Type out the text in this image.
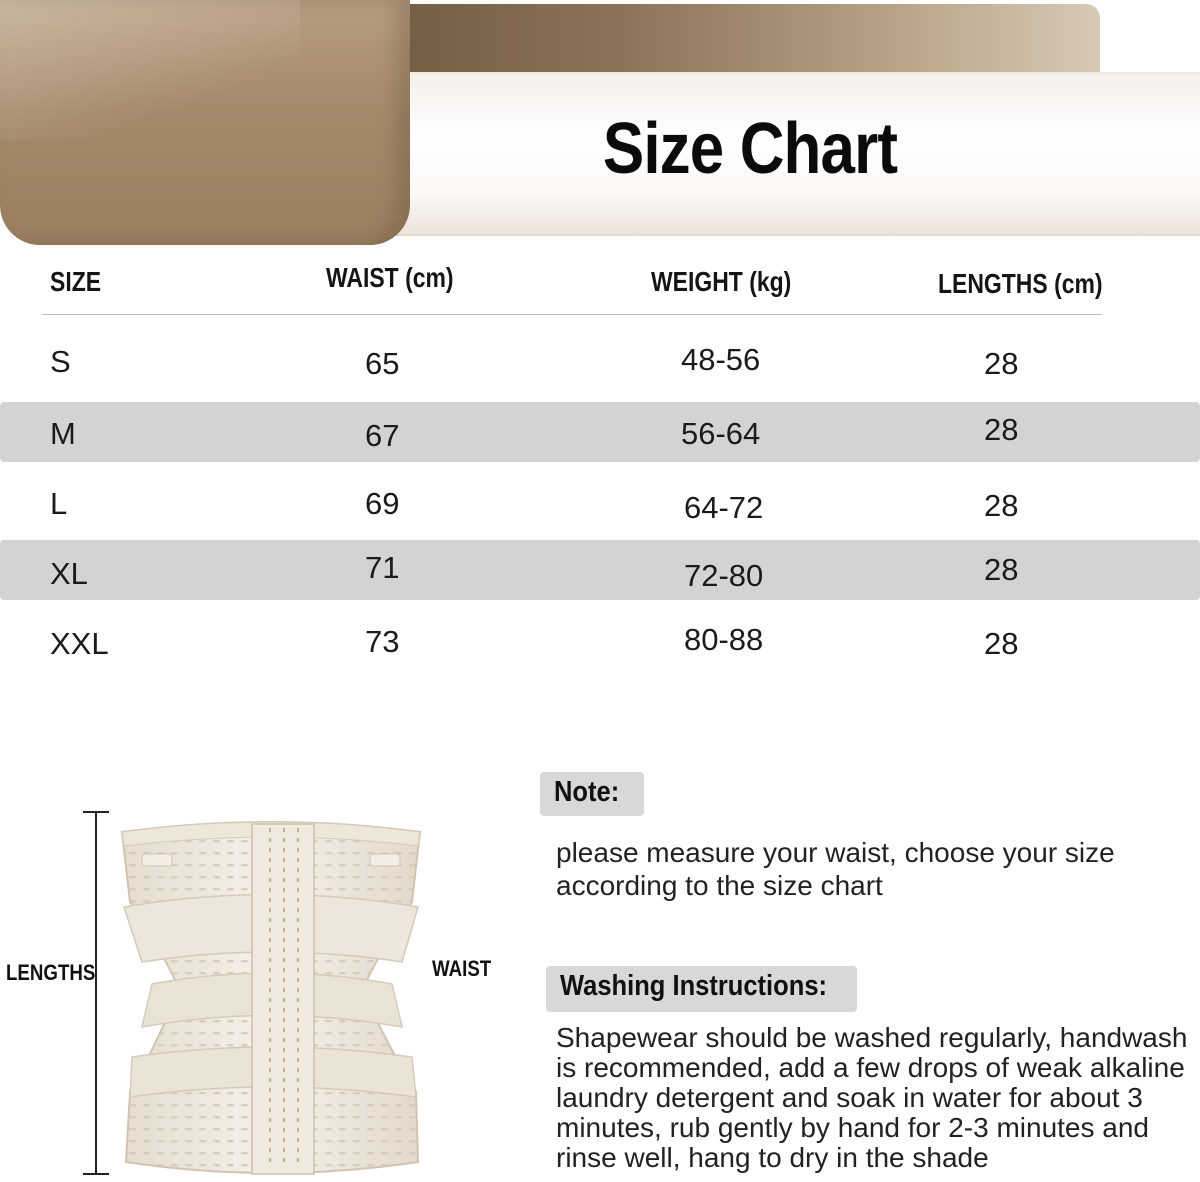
Size Chart
SIZE	WAIST (cm)	WEIGHT (kg)	LENGTHS (cm)
S	65	48-56	28
M	67	56-64	28
L	69	64-72	28
XL	71	72-80	28
XXL	73	80-88	28
LENGTHS	WAIST
Note:
please measure your waist, choose your size
according to the size chart
Washing Instructions:
Shapewear should be washed regularly, handwash
is recommended, add a few drops of weak alkaline
laundry detergent and soak in water for about 3
minutes, rub gently by hand for 2-3 minutes and
rinse well, hang to dry in the shade
